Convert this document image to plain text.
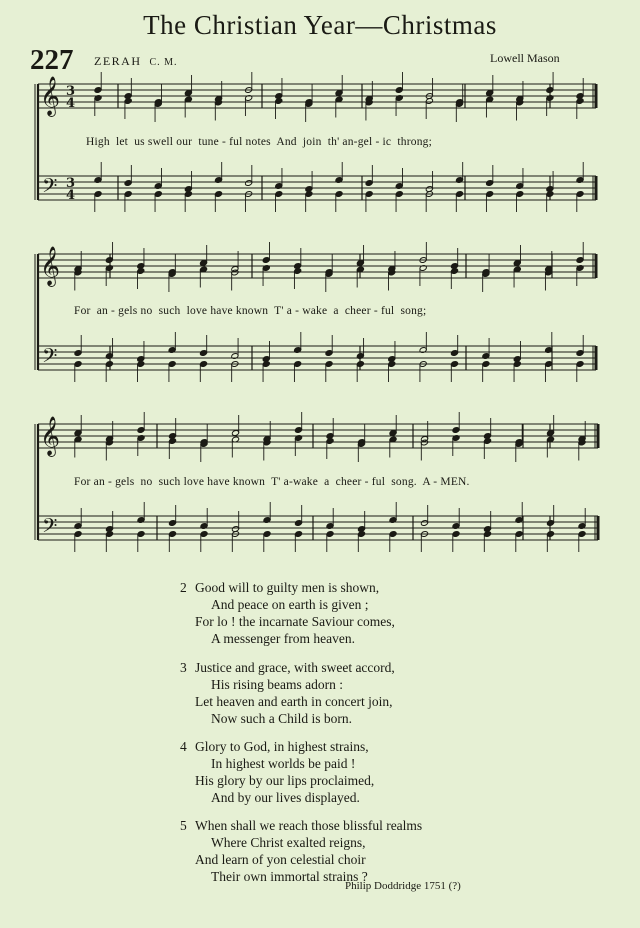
The Christian Year—Christmas
227 ZERAH C. M.	Lowell Mason
𝄞
𝄢
3
4
3
4
𝄞
𝄢
𝄞
𝄢
High  let  us swell our  tune - ful notes  And  join  th' an-gel - ic  throng;
For  an - gels no  such  love have known  T' a - wake  a  cheer - ful  song;
For an - gels  no  such love have known  T' a-wake  a  cheer - ful  song.  A - MEN.
2 Good will to guilty men is shown,
And peace on earth is given ;
For lo ! the incarnate Saviour comes,
A messenger from heaven.
3 Justice and grace, with sweet accord,
His rising beams adorn :
Let heaven and earth in concert join,
Now such a Child is born.
4 Glory to God, in highest strains,
In highest worlds be paid !
His glory by our lips proclaimed,
And by our lives displayed.
5 When shall we reach those blissful realms
Where Christ exalted reigns,
And learn of yon celestial choir
Their own immortal strains ?
Philip Doddridge 1751 (?)
